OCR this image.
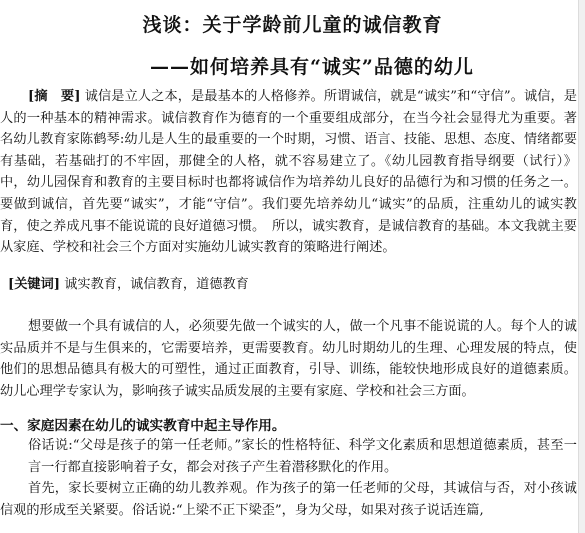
浅谈：关于学龄前儿童的诚信教育
——如何培养具有“诚实”品德的幼儿
[摘　要] 诚信是立人之本，是最基本的人格修养。所谓诚信，就是“诚实”和“守信”。诚信，是人的一种基本的精神需求。诚信教育作为德育的一个重要组成部分，在当今社会显得尤为重要。著名幼儿教育家陈鹤琴:幼儿是人生的最重要的一个时期，习惯、语言、技能、思想、态度、情绪都要有基础，若基础打的不牢固，那健全的人格，就不容易建立了。《幼儿园教育指导纲要（试行）》中，幼儿园保育和教育的主要目标时也都将诚信作为培养幼儿良好的品德行为和习惯的任务之一。要做到诚信，首先要“诚实”，才能“守信”。我们要先培养幼儿“诚实”的品质，注重幼儿的诚实教育，使之养成凡事不能说谎的良好道德习惯。　所以，诚实教育，是诚信教育的基础。本文我就主要从家庭、学校和社会三个方面对实施幼儿诚实教育的策略进行阐述。
[关键词] 诚实教育，诚信教育，道德教育
想要做一个具有诚信的人，必须要先做一个诚实的人，做一个凡事不能说谎的人。每个人的诚实品质并不是与生俱来的，它需要培养，更需要教育。幼儿时期幼儿的生理、心理发展的特点，使他们的思想品德具有极大的可塑性，通过正面教育，引导、训练，能较快地形成良好的道德素质。幼儿心理学专家认为，影响孩子诚实品质发展的主要有家庭、学校和社会三方面。
一、家庭因素在幼儿的诚实教育中起主导作用。
俗话说:“父母是孩子的第一任老师。”家长的性格特征、科学文化素质和思想道德素质，甚至一言一行都直接影响着子女，都会对孩子产生着潜移默化的作用。
首先，家长要树立正确的幼儿教养观。作为孩子的第一任老师的父母，其诚信与否，对小孩诚信观的形成至关紧要。俗话说:“上梁不正下梁歪”，身为父母，如果对孩子说话连篇,
